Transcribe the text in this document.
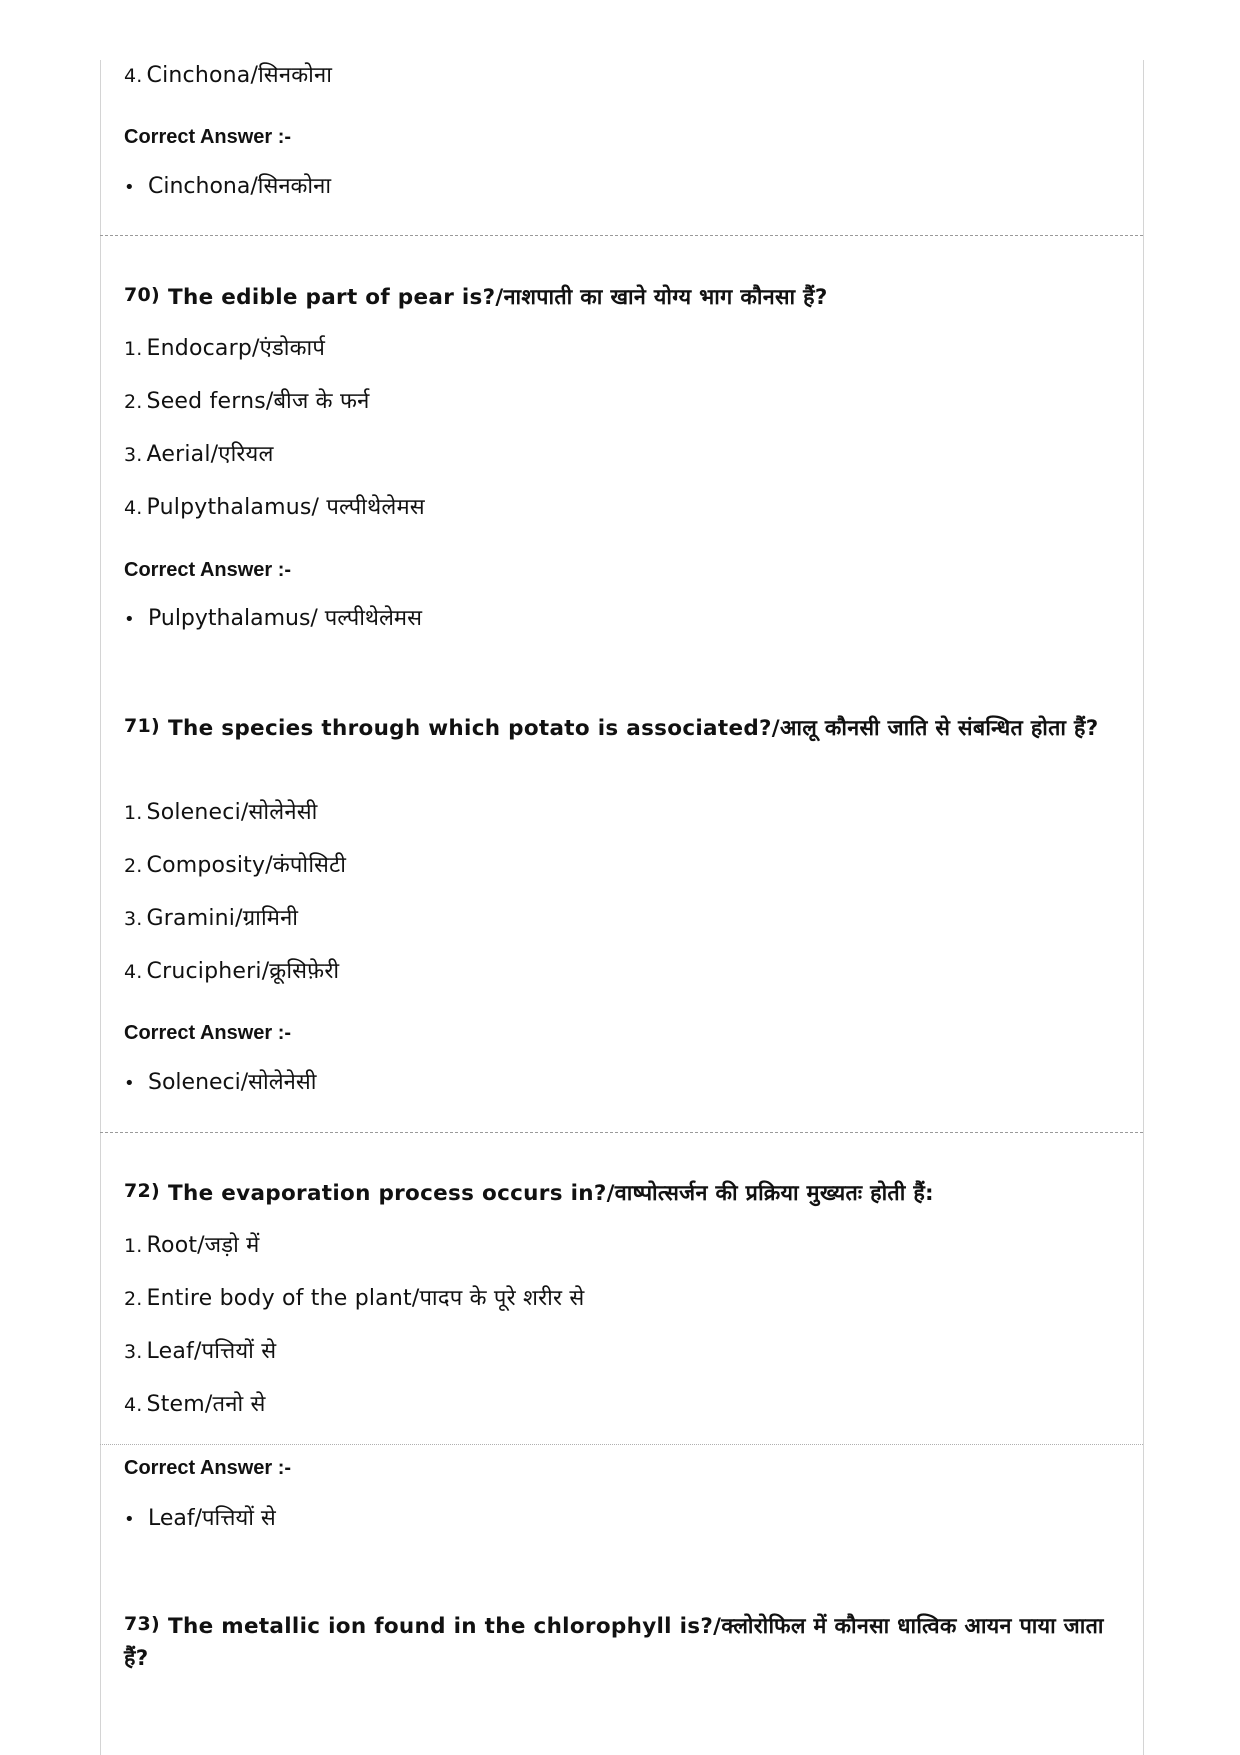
4. Cinchona/सिनकोना
Correct Answer :-
• Cinchona/सिनकोना
70) The edible part of pear is?/नाशपाती का खाने योग्य भाग कौनसा हैं?
1. Endocarp/एंडोकार्प
2. Seed ferns/बीज के फर्न
3. Aerial/एरियल
4. Pulpythalamus/ पल्पीथेलेमस
Correct Answer :-
• Pulpythalamus/ पल्पीथेलेमस
71) The species through which potato is associated?/आलू कौनसी जाति से संबन्धित होता हैं?
1. Soleneci/सोलेनेसी
2. Composity/कंपोसिटी
3. Gramini/ग्रामिनी
4. Crucipheri/क्रूसिफ़ेरी
Correct Answer :-
• Soleneci/सोलेनेसी
72) The evaporation process occurs in?/वाष्पोत्सर्जन की प्रक्रिया मुख्यतः होती हैं:
1. Root/जड़ो में
2. Entire body of the plant/पादप के पूरे शरीर से
3. Leaf/पत्तियों से
4. Stem/तनो से
Correct Answer :-
• Leaf/पत्तियों से
73) The metallic ion found in the chlorophyll is?/क्लोरोफिल में कौनसा धात्विक आयन पाया जाता हैं?
